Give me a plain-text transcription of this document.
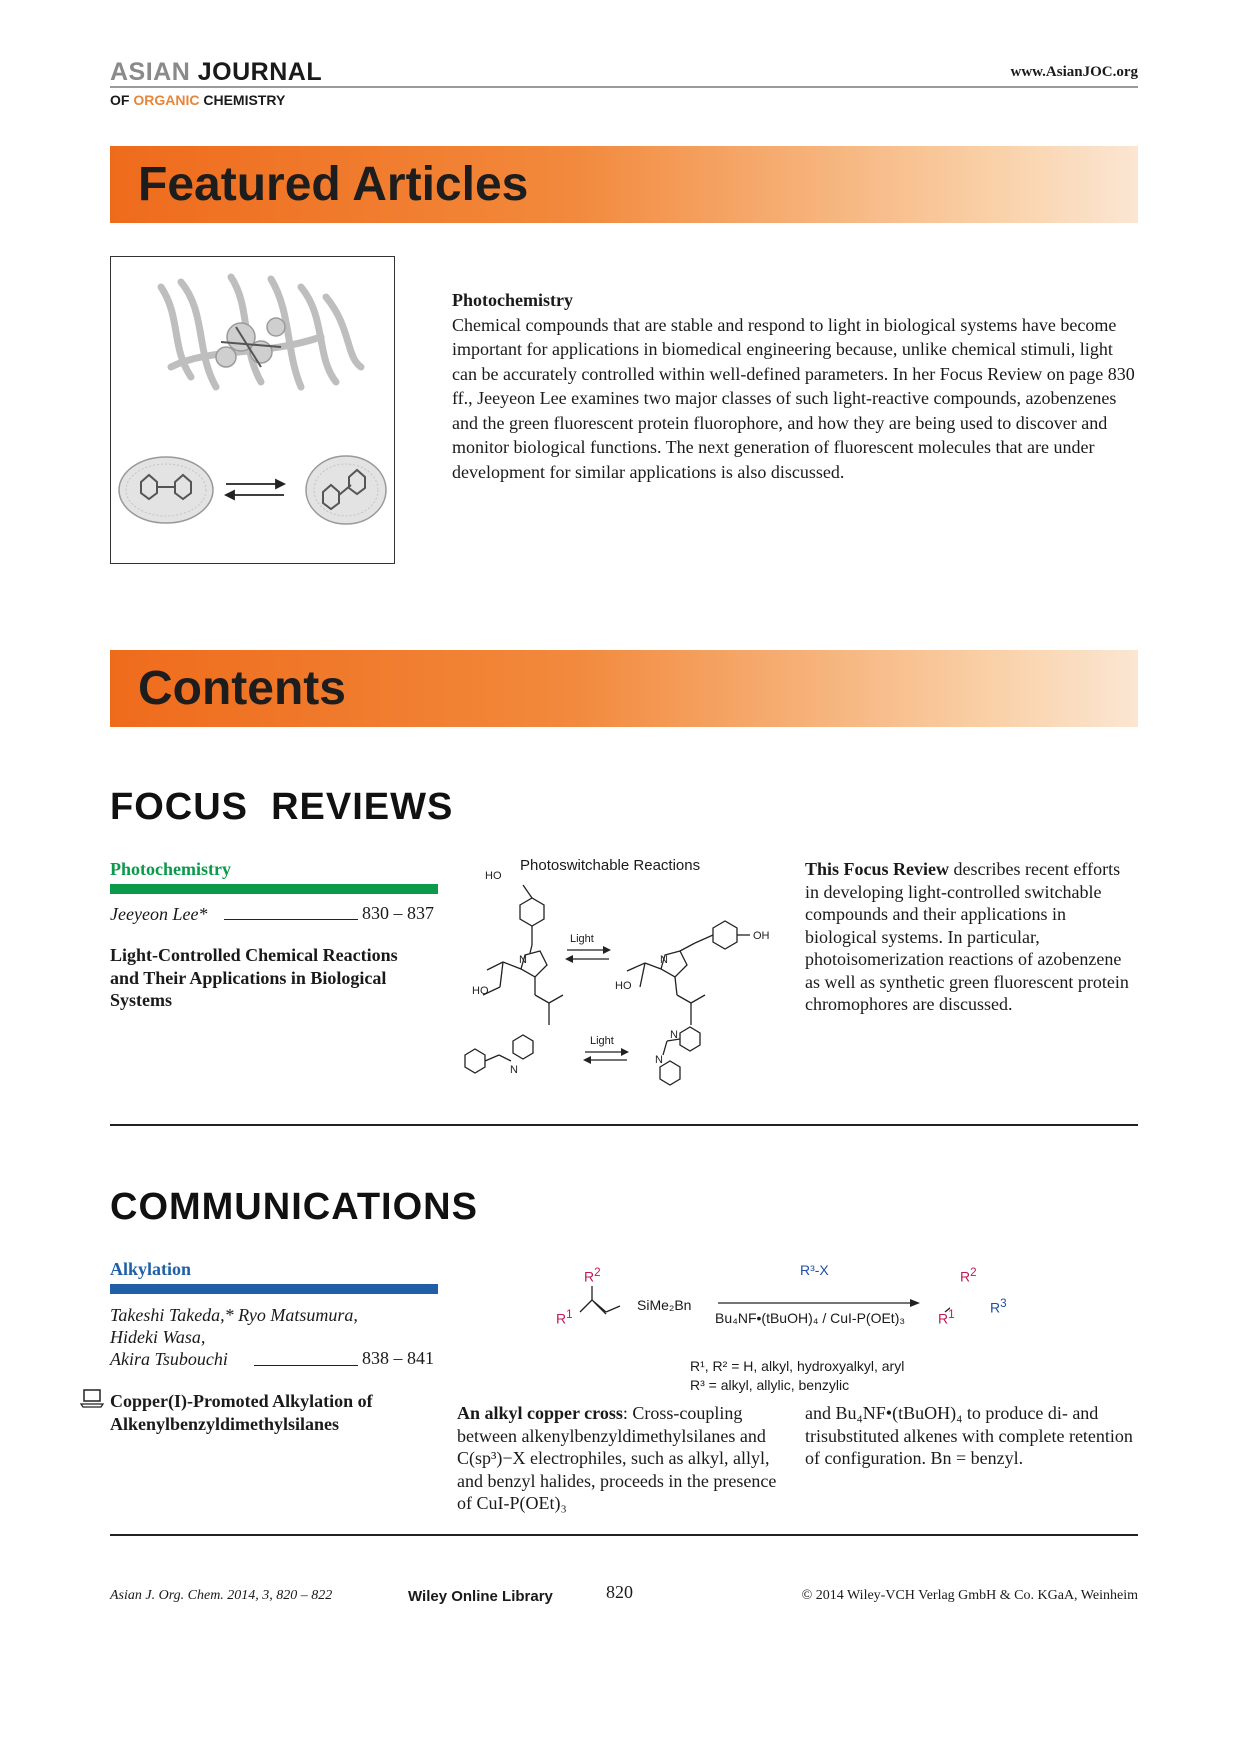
ASIAN JOURNAL
OF ORGANIC CHEMISTRY
www.AsianJOC.org
Featured Articles
Photochemistry
Chemical compounds that are stable and respond to light in biological systems have become important for applications in biomedical engineering because, unlike chemical stimuli, light can be accurately controlled within well-defined parameters. In her Focus Review on page 830 ff., Jeeyeon Lee examines two major classes of such light-reactive compounds, azobenzenes and the green fluorescent protein fluorophore, and how they are being used to discover and monitor biological functions. The next generation of fluorescent molecules that are under development for similar applications is also discussed.
Contents
FOCUS  REVIEWS
Photochemistry
Jeeyeon Lee*	830 – 837
Light-Controlled Chemical Reactions and Their Applications in Biological Systems
Photoswitchable Reactions
HO
HO	HO
OH
N	N
N
N
N
Light
Light
This Focus Review describes recent efforts in developing light-controlled switchable compounds and their applications in biological systems. In particular, photoisomerization reactions of azobenzene as well as synthetic green fluorescent protein chromophores are discussed.
COMMUNICATIONS
Alkylation
Takeshi Takeda,* Ryo Matsumura,
Hideki Wasa,
Akira Tsubouchi	838 – 841
Copper(I)-Promoted Alkylation of Alkenylbenzyldimethylsilanes
$R^1$
$R^2$
SiMe₂Bn
R³-X
Bu₄NF•(tBuOH)₄ / CuI-P(OEt)₃ $R^1$
$R^2$
$R^3$
R¹, R² = H, alkyl, hydroxyalkyl, aryl
R³ = alkyl, allylic, benzylic
An alkyl copper cross: Cross-coupling between alkenylbenzyldimethylsilanes and C(sp³)−X electrophiles, such as alkyl, allyl, and benzyl halides, proceeds in the presence of CuI-P(OEt)₃
and Bu₄NF•(tBuOH)₄ to produce di- and trisubstituted alkenes with complete retention of configuration. Bn = benzyl.
Asian J. Org. Chem. 2014, 3, 820 – 822	Wiley Online Library	820	© 2014 Wiley-VCH Verlag GmbH & Co. KGaA, Weinheim
